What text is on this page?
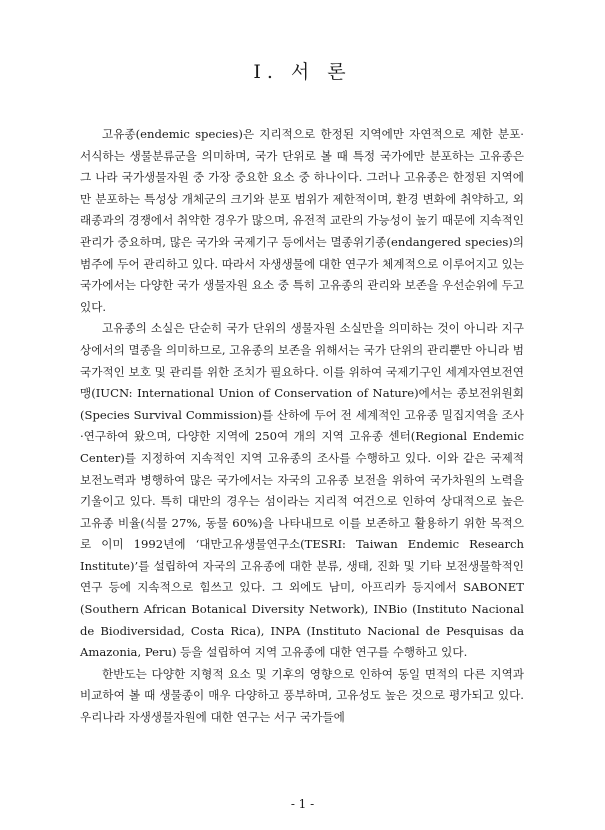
I. 서 론

고유종(endemic species)은 지리적으로 한정된 지역에만 자연적으로 제한 분포·서식하는 생물분류군을 의미하며, 국가 단위로 볼 때 특정 국가에만 분포하는 고유종은 그 나라 국가생물자원 중 가장 중요한 요소 중 하나이다. 그러나 고유종은 한정된 지역에만 분포하는 특성상 개체군의 크기와 분포 범위가 제한적이며, 환경 변화에 취약하고, 외래종과의 경쟁에서 취약한 경우가 많으며, 유전적 교란의 가능성이 높기 때문에 지속적인 관리가 중요하며, 많은 국가와 국제기구 등에서는 멸종위기종(endangered species)의 범주에 두어 관리하고 있다. 따라서 자생생물에 대한 연구가 체계적으로 이루어지고 있는 국가에서는 다양한 국가 생물자원 요소 중 특히 고유종의 관리와 보존을 우선순위에 두고 있다.

고유종의 소실은 단순히 국가 단위의 생물자원 소실만을 의미하는 것이 아니라 지구상에서의 멸종을 의미하므로, 고유종의 보존을 위해서는 국가 단위의 관리뿐만 아니라 범국가적인 보호 및 관리를 위한 조치가 필요하다. 이를 위하여 국제기구인 세계자연보전연맹(IUCN: International Union of Conservation of Nature)에서는 종보전위원회(Species Survival Commission)를 산하에 두어 전 세계적인 고유종 밀집지역을 조사·연구하여 왔으며, 다양한 지역에 250여 개의 지역 고유종 센터(Regional Endemic Center)를 지정하여 지속적인 지역 고유종의 조사를 수행하고 있다. 이와 같은 국제적 보전노력과 병행하여 많은 국가에서는 자국의 고유종 보전을 위하여 국가차원의 노력을 기울이고 있다. 특히 대만의 경우는 섬이라는 지리적 여건으로 인하여 상대적으로 높은 고유종 비율(식물 27%, 동물 60%)을 나타내므로 이를 보존하고 활용하기 위한 목적으로 이미 1992년에 ‘대만고유생물연구소(TESRI: Taiwan Endemic Research Institute)’를 설립하여 자국의 고유종에 대한 분류, 생태, 진화 및 기타 보전생물학적인 연구 등에 지속적으로 힘쓰고 있다. 그 외에도 남미, 아프리카 등지에서 SABONET (Southern African Botanical Diversity Network), INBio (Instituto Nacional de Biodiversidad, Costa Rica), INPA (Instituto Nacional de Pesquisas da Amazonia, Peru) 등을 설립하여 지역 고유종에 대한 연구를 수행하고 있다.

한반도는 다양한 지형적 요소 및 기후의 영향으로 인하여 동일 면적의 다른 지역과 비교하여 볼 때 생물종이 매우 다양하고 풍부하며, 고유성도 높은 것으로 평가되고 있다. 우리나라 자생생물자원에 대한 연구는 서구 국가들에

- 1 -
